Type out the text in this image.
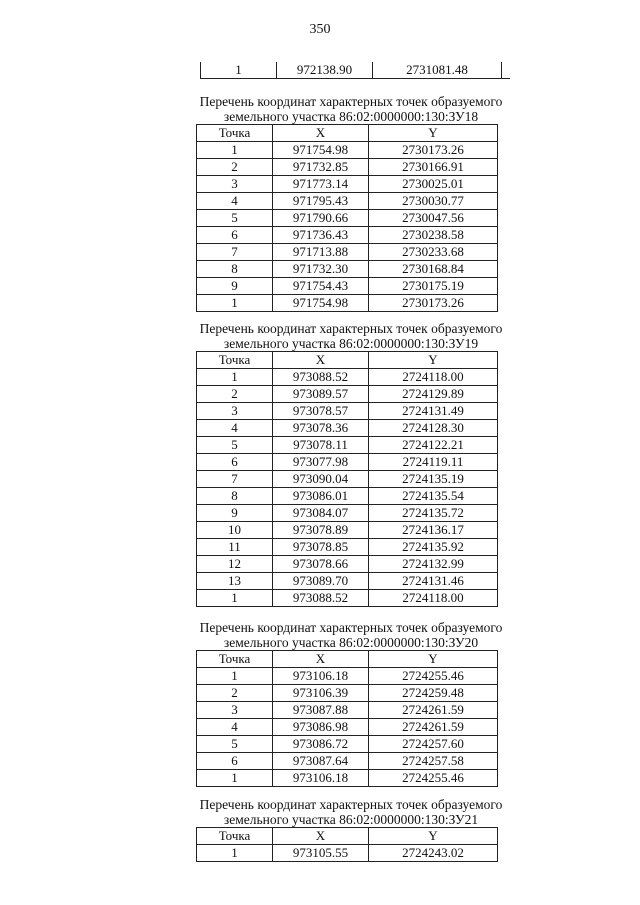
350
1	972138.90	2731081.48
Перечень координат характерных точек образуемого
земельного участка 86:02:0000000:130:ЗУ18
Точка	X	Y
1	971754.98	2730173.26
2	971732.85	2730166.91
3	971773.14	2730025.01
4	971795.43	2730030.77
5	971790.66	2730047.56
6	971736.43	2730238.58
7	971713.88	2730233.68
8	971732.30	2730168.84
9	971754.43	2730175.19
1	971754.98	2730173.26
Перечень координат характерных точек образуемого
земельного участка 86:02:0000000:130:ЗУ19
Точка	X	Y
1	973088.52	2724118.00
2	973089.57	2724129.89
3	973078.57	2724131.49
4	973078.36	2724128.30
5	973078.11	2724122.21
6	973077.98	2724119.11
7	973090.04	2724135.19
8	973086.01	2724135.54
9	973084.07	2724135.72
10	973078.89	2724136.17
11	973078.85	2724135.92
12	973078.66	2724132.99
13	973089.70	2724131.46
1	973088.52	2724118.00
Перечень координат характерных точек образуемого
земельного участка 86:02:0000000:130:ЗУ20
Точка	X	Y
1	973106.18	2724255.46
2	973106.39	2724259.48
3	973087.88	2724261.59
4	973086.98	2724261.59
5	973086.72	2724257.60
6	973087.64	2724257.58
1	973106.18	2724255.46
Перечень координат характерных точек образуемого
земельного участка 86:02:0000000:130:ЗУ21
Точка	X	Y
1	973105.55	2724243.02
